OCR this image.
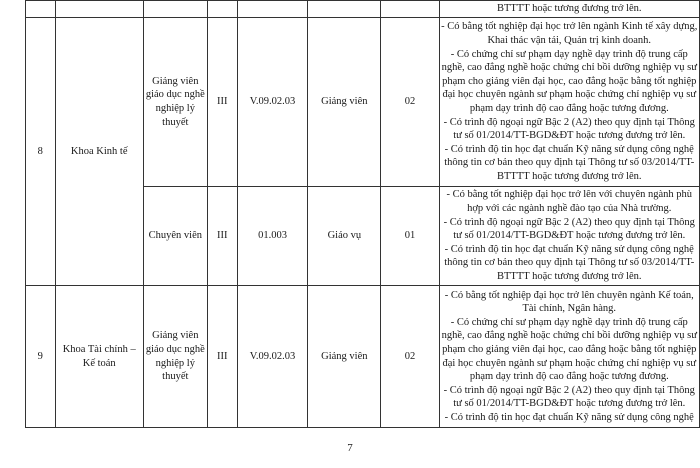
							BTTTT hoặc tương đương trở lên.

8	Khoa Kinh tế	Giảng viên giáo dục nghề nghiệp lý thuyết	III	V.09.02.03	Giảng viên	02	- Có bằng tốt nghiệp đại học trở lên ngành Kinh tế xây dựng, Khai thác vận tải, Quản trị kinh doanh.

- Có chứng chỉ sư phạm dạy nghề dạy trình độ trung cấp nghề, cao đẳng nghề hoặc chứng chỉ bồi dưỡng nghiệp vụ sư phạm cho giảng viên đại học, cao đẳng hoặc bằng tốt nghiệp đại học chuyên ngành sư phạm hoặc chứng chỉ nghiệp vụ sư phạm dạy trình độ cao đẳng hoặc tương đương.

- Có trình độ ngoại ngữ Bậc 2 (A2) theo quy định tại Thông tư số 01/2014/TT-BGD&ĐT hoặc tương đương trở lên.

- Có trình độ tin học đạt chuẩn Kỹ năng sử dụng công nghệ thông tin cơ bản theo quy định tại Thông tư số 03/2014/TT-BTTTT hoặc tương đương trở lên.

		Chuyên viên	III	01.003	Giáo vụ	01	- Có bằng tốt nghiệp đại học trở lên với chuyên ngành phù hợp với các ngành nghề đào tạo của Nhà trường.

- Có trình độ ngoại ngữ Bậc 2 (A2) theo quy định tại Thông tư số 01/2014/TT-BGD&ĐT hoặc tương đương trở lên.

- Có trình độ tin học đạt chuẩn Kỹ năng sử dụng công nghệ thông tin cơ bản theo quy định tại Thông tư số 03/2014/TT-BTTTT hoặc tương đương trở lên.

9	Khoa Tài chính – Kế toán	Giảng viên giáo dục nghề nghiệp lý thuyết	III	V.09.02.03	Giảng viên	02	- Có bằng tốt nghiệp đại học trở lên chuyên ngành Kế toán, Tài chính, Ngân hàng.

- Có chứng chỉ sư phạm dạy nghề dạy trình độ trung cấp nghề, cao đẳng nghề hoặc chứng chỉ bồi dưỡng nghiệp vụ sư phạm cho giảng viên đại học, cao đẳng hoặc bằng tốt nghiệp đại học chuyên ngành sư phạm hoặc chứng chỉ nghiệp vụ sư phạm dạy trình độ cao đẳng hoặc tương đương.

- Có trình độ ngoại ngữ Bậc 2 (A2) theo quy định tại Thông tư số 01/2014/TT-BGD&ĐT hoặc tương đương trở lên.

- Có trình độ tin học đạt chuẩn Kỹ năng sử dụng công nghệ

7
